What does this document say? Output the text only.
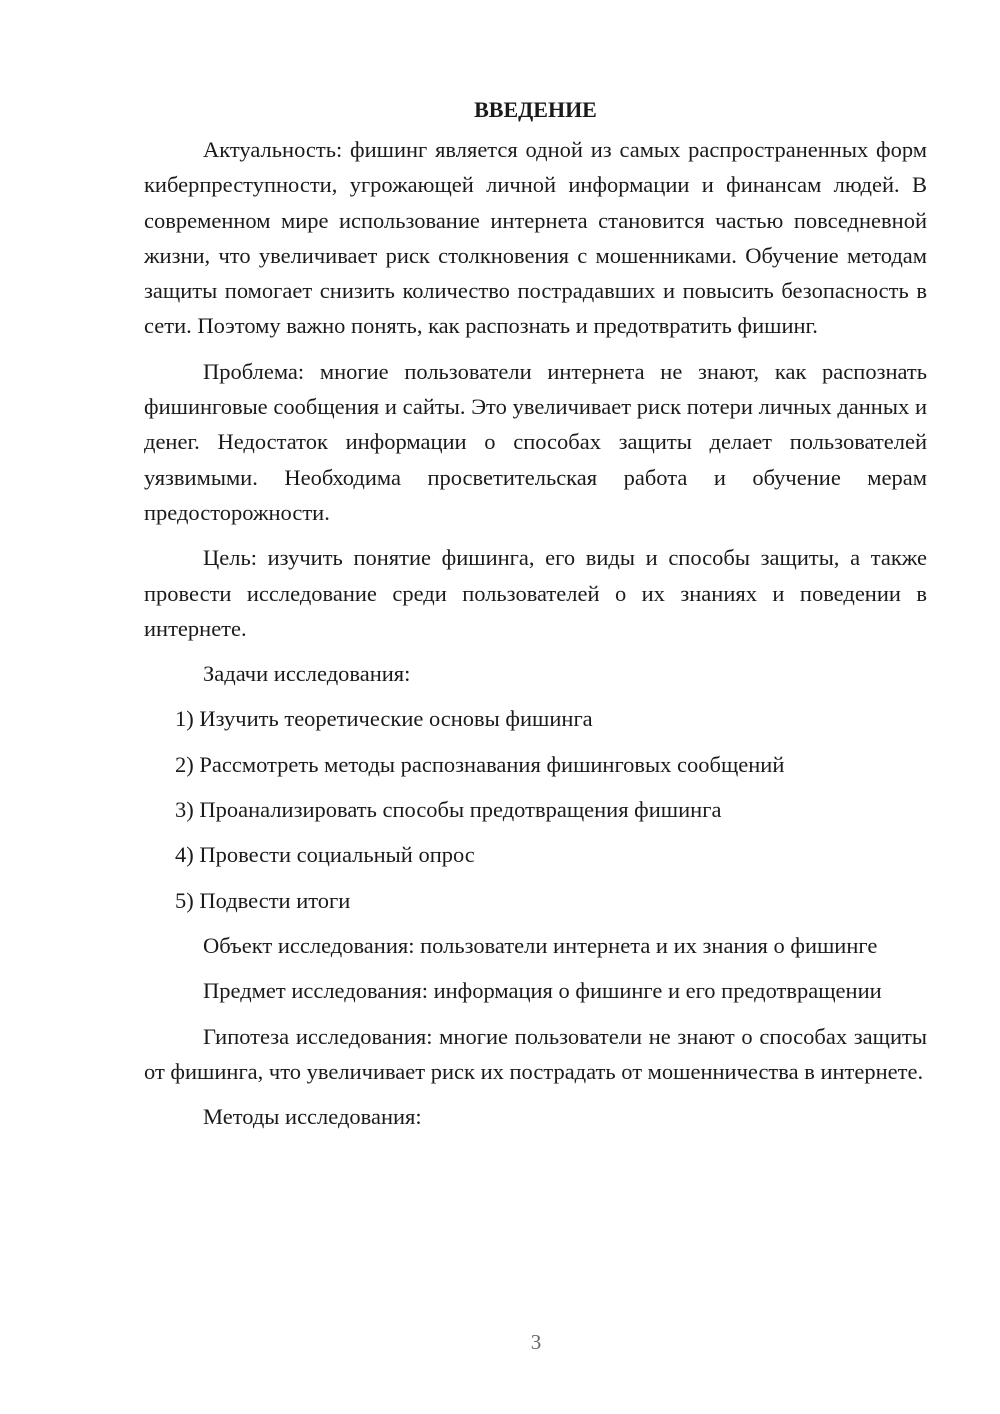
ВВЕДЕНИЕ

Актуальность: фишинг является одной из самых распространенных форм киберпреступности, угрожающей личной информации и финансам людей. В современном мире использование интернета становится частью повседневной жизни, что увеличивает риск столкновения с мошенниками. Обучение методам защиты помогает снизить количество пострадавших и повысить безопасность в сети. Поэтому важно понять, как распознать и предотвратить фишинг.

Проблема: многие пользователи интернета не знают, как распознать фишинговые сообщения и сайты. Это увеличивает риск потери личных данных и денег. Недостаток информации о способах защиты делает пользователей уязвимыми. Необходима просветительская работа и обучение мерам предосторожности.

Цель: изучить понятие фишинга, его виды и способы защиты, а также провести исследование среди пользователей о их знаниях и поведении в интернете.

Задачи исследования:

1) Изучить теоретические основы фишинга

2) Рассмотреть методы распознавания фишинговых сообщений

3) Проанализировать способы предотвращения фишинга

4) Провести социальный опрос

5) Подвести итоги

Объект исследования: пользователи интернета и их знания о фишинге

Предмет исследования: информация о фишинге и его предотвращении

Гипотеза исследования: многие пользователи не знают о способах защиты от фишинга, что увеличивает риск их пострадать от мошенничества в интернете.

Методы исследования:

3
